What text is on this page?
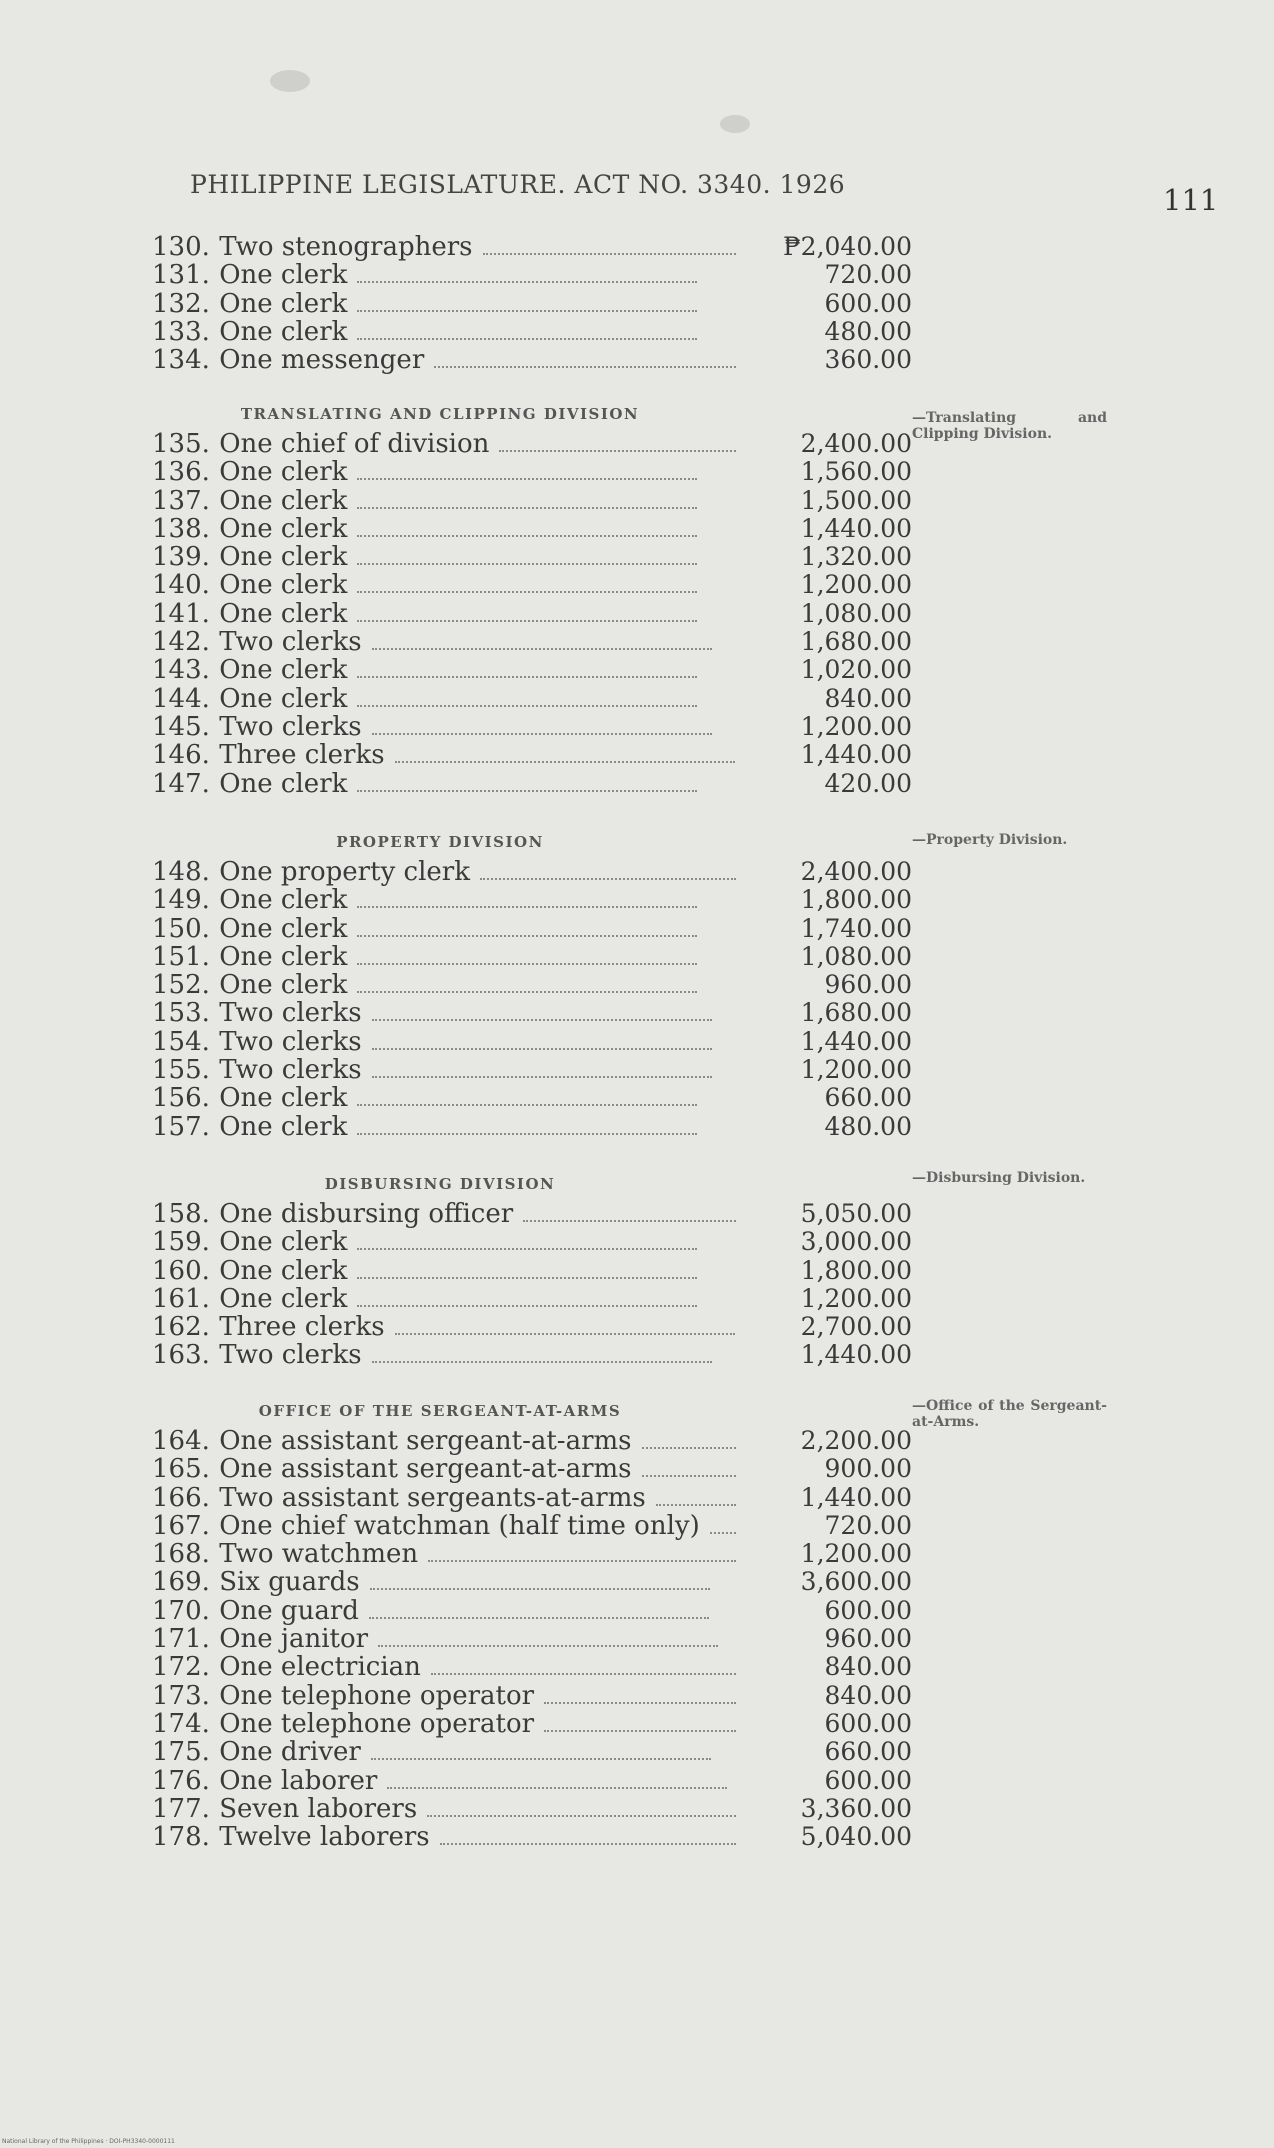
PHILIPPINE LEGISLATURE. ACT NO. 3340. 1926	111
130. Two stenographers	₱2,040.00
131. One clerk	720.00
132. One clerk	600.00
133. One clerk	480.00
134. One messenger	360.00
TRANSLATING AND CLIPPING DIVISION
135. One chief of division	2,400.00
136. One clerk	1,560.00
137. One clerk	1,500.00
138. One clerk	1,440.00
139. One clerk	1,320.00
140. One clerk	1,200.00
141. One clerk	1,080.00
142. Two clerks	1,680.00
143. One clerk	1,020.00
144. One clerk	840.00
145. Two clerks	1,200.00
146. Three clerks	1,440.00
147. One clerk	420.00
—Translating and Clipping Division.
PROPERTY DIVISION
148. One property clerk	2,400.00
149. One clerk	1,800.00
150. One clerk	1,740.00
151. One clerk	1,080.00
152. One clerk	960.00
153. Two clerks	1,680.00
154. Two clerks	1,440.00
155. Two clerks	1,200.00
156. One clerk	660.00
157. One clerk	480.00
—Property Division.
DISBURSING DIVISION
158. One disbursing officer	5,050.00
159. One clerk	3,000.00
160. One clerk	1,800.00
161. One clerk	1,200.00
162. Three clerks	2,700.00
163. Two clerks	1,440.00
—Disbursing Division.
OFFICE OF THE SERGEANT-AT-ARMS
164. One assistant sergeant-at-arms	2,200.00
165. One assistant sergeant-at-arms	900.00
166. Two assistant sergeants-at-arms	1,440.00
167. One chief watchman (half time only)	720.00
168. Two watchmen	1,200.00
169. Six guards	3,600.00
170. One guard	600.00
171. One janitor	960.00
172. One electrician	840.00
173. One telephone operator	840.00
174. One telephone operator	600.00
175. One driver	660.00
176. One laborer	600.00
177. Seven laborers	3,360.00
178. Twelve laborers	5,040.00
—Office of the Sergeant-at-Arms.
National Library of the Philippines · DOI-PH3340-0000111
